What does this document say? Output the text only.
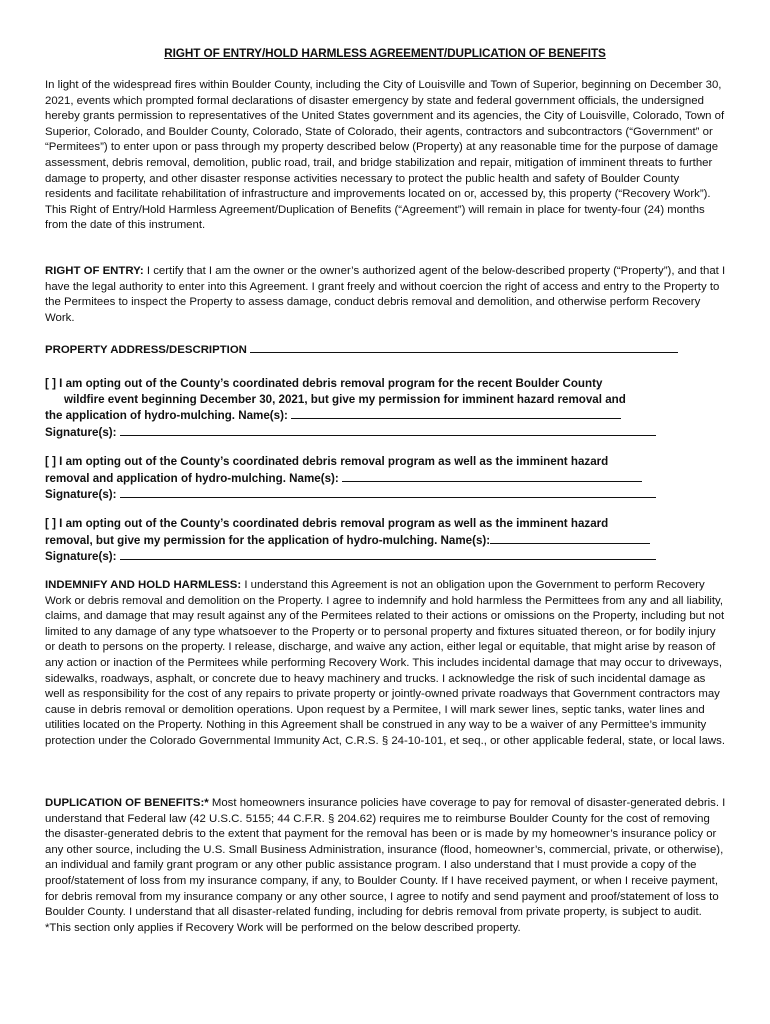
RIGHT OF ENTRY/HOLD HARMLESS AGREEMENT/DUPLICATION OF BENEFITS

In light of the widespread fires within Boulder County, including the City of Louisville and Town of Superior, beginning on December 30, 2021, events which prompted formal declarations of disaster emergency by state and federal government officials, the undersigned hereby grants permission to representatives of the United States government and its agencies, the City of Louisville, Colorado, Town of Superior, Colorado, and Boulder County, Colorado, State of Colorado, their agents, contractors and subcontractors (“Government” or “Permitees”) to enter upon or pass through my property described below (Property) at any reasonable time for the purpose of damage assessment, debris removal, demolition, public road, trail, and bridge stabilization and repair, mitigation of imminent threats to further damage to property, and other disaster response activities necessary to protect the public health and safety of Boulder County residents and facilitate rehabilitation of infrastructure and improvements located on or, accessed by, this property (“Recovery Work”). This Right of Entry/Hold Harmless Agreement/Duplication of Benefits (“Agreement”) will remain in place for twenty-four (24) months from the date of this instrument.

RIGHT OF ENTRY: I certify that I am the owner or the owner’s authorized agent of the below-described property (“Property”), and that I have the legal authority to enter into this Agreement. I grant freely and without coercion the right of access and entry to the Property to the Permitees to inspect the Property to assess damage, conduct debris removal and demolition, and otherwise perform Recovery Work.

PROPERTY ADDRESS/DESCRIPTION
[ ] I am opting out of the County’s coordinated debris removal program for the recent Boulder County
wildfire event beginning December 30, 2021, but give my permission for imminent hazard removal and
the application of hydro-mulching. Name(s):
Signature(s):
[ ] I am opting out of the County’s coordinated debris removal program as well as the imminent hazard
removal and application of hydro-mulching. Name(s):
Signature(s):
[ ] I am opting out of the County’s coordinated debris removal program as well as the imminent hazard
removal, but give my permission for the application of hydro-mulching. Name(s):
Signature(s):

INDEMNIFY AND HOLD HARMLESS: I understand this Agreement is not an obligation upon the Government to perform Recovery Work or debris removal and demolition on the Property. I agree to indemnify and hold harmless the Permittees from any and all liability, claims, and damage that may result against any of the Permitees related to their actions or omissions on the Property, including but not limited to any damage of any type whatsoever to the Property or to personal property and fixtures situated thereon, or for bodily injury or death to persons on the property. I release, discharge, and waive any action, either legal or equitable, that might arise by reason of any action or inaction of the Permitees while performing Recovery Work. This includes incidental damage that may occur to driveways, sidewalks, roadways, asphalt, or concrete due to heavy machinery and trucks. I acknowledge the risk of such incidental damage as well as responsibility for the cost of any repairs to private property or jointly-owned private roadways that Government contractors may cause in debris removal or demolition operations. Upon request by a Permitee, I will mark sewer lines, septic tanks, water lines and utilities located on the Property. Nothing in this Agreement shall be construed in any way to be a waiver of any Permittee’s immunity protection under the Colorado Governmental Immunity Act, C.R.S. § 24-10-101, et seq., or other applicable federal, state, or local laws.

DUPLICATION OF BENEFITS:* Most homeowners insurance policies have coverage to pay for removal of disaster-generated debris. I understand that Federal law (42 U.S.C. 5155; 44 C.F.R. § 204.62) requires me to reimburse Boulder County for the cost of removing the disaster-generated debris to the extent that payment for the removal has been or is made by my homeowner’s insurance policy or any other source, including the U.S. Small Business Administration, insurance (flood, homeowner’s, commercial, private, or otherwise), an individual and family grant program or any other public assistance program. I also understand that I must provide a copy of the proof/statement of loss from my insurance company, if any, to Boulder County. If I have received payment, or when I receive payment, for debris removal from my insurance company or any other source, I agree to notify and send payment and proof/statement of loss to Boulder County. I understand that all disaster-related funding, including for debris removal from private property, is subject to audit. *This section only applies if Recovery Work will be performed on the below described property.
